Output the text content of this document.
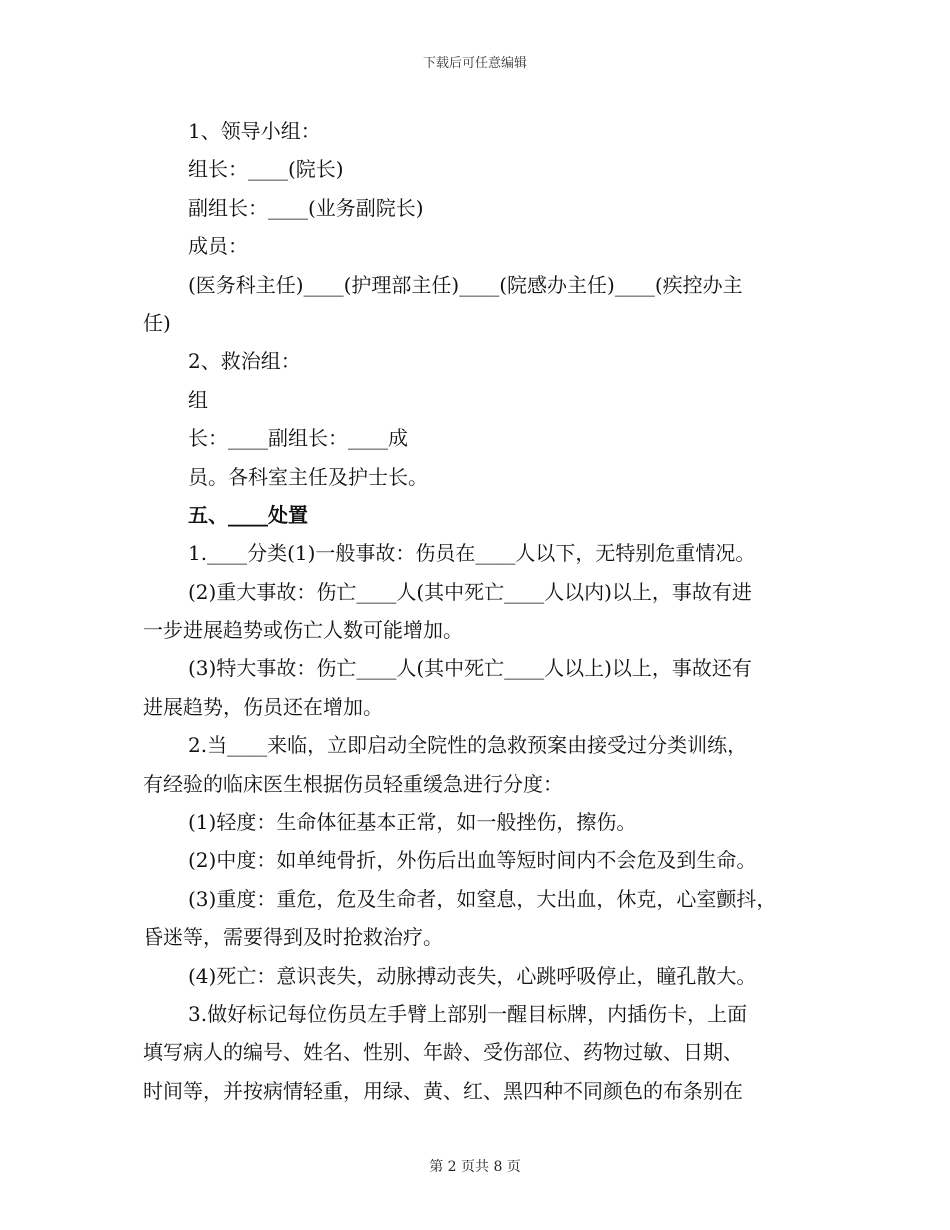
下载后可任意编辑
1、领导小组：
组长：____(院长)
副组长：____(业务副院长)
成员：
(医务科主任)____(护理部主任)____(院感办主任)____(疾控办主
任)
2、救治组：
组
长：____副组长：____成
员。各科室主任及护士长。
五、____处置
1.____分类(1)一般事故：伤员在____人以下，无特别危重情况。
(2)重大事故：伤亡____人(其中死亡____人以内)以上，事故有进
一步进展趋势或伤亡人数可能增加。
(3)特大事故：伤亡____人(其中死亡____人以上)以上，事故还有
进展趋势，伤员还在增加。
2.当____来临，立即启动全院性的急救预案由接受过分类训练，
有经验的临床医生根据伤员轻重缓急进行分度：
(1)轻度：生命体征基本正常，如一般挫伤，擦伤。
(2)中度：如单纯骨折，外伤后出血等短时间内不会危及到生命。
(3)重度：重危，危及生命者，如窒息，大出血，休克，心室颤抖，
昏迷等，需要得到及时抢救治疗。
(4)死亡：意识丧失，动脉搏动丧失，心跳呼吸停止，瞳孔散大。
3.做好标记每位伤员左手臂上部别一醒目标牌，内插伤卡，上面
填写病人的编号、姓名、性别、年龄、受伤部位、药物过敏、日期、
时间等，并按病情轻重，用绿、黄、红、黑四种不同颜色的布条别在
第 2 页共 8 页
